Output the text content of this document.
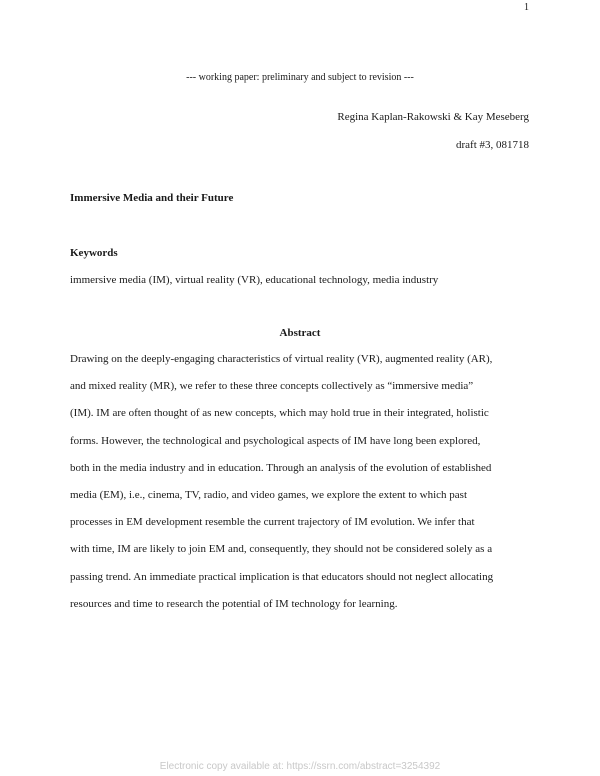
1
--- working paper: preliminary and subject to revision ---
Regina Kaplan-Rakowski & Kay Meseberg
draft #3, 081718
Immersive Media and their Future
Keywords
immersive media (IM), virtual reality (VR), educational technology, media industry
Abstract
Drawing on the deeply-engaging characteristics of virtual reality (VR), augmented reality (AR),
and mixed reality (MR), we refer to these three concepts collectively as “immersive media”
(IM). IM are often thought of as new concepts, which may hold true in their integrated, holistic
forms. However, the technological and psychological aspects of IM have long been explored,
both in the media industry and in education. Through an analysis of the evolution of established
media (EM), i.e., cinema, TV, radio, and video games, we explore the extent to which past
processes in EM development resemble the current trajectory of IM evolution. We infer that
with time, IM are likely to join EM and, consequently, they should not be considered solely as a
passing trend. An immediate practical implication is that educators should not neglect allocating
resources and time to research the potential of IM technology for learning.
Electronic copy available at: https://ssrn.com/abstract=3254392
